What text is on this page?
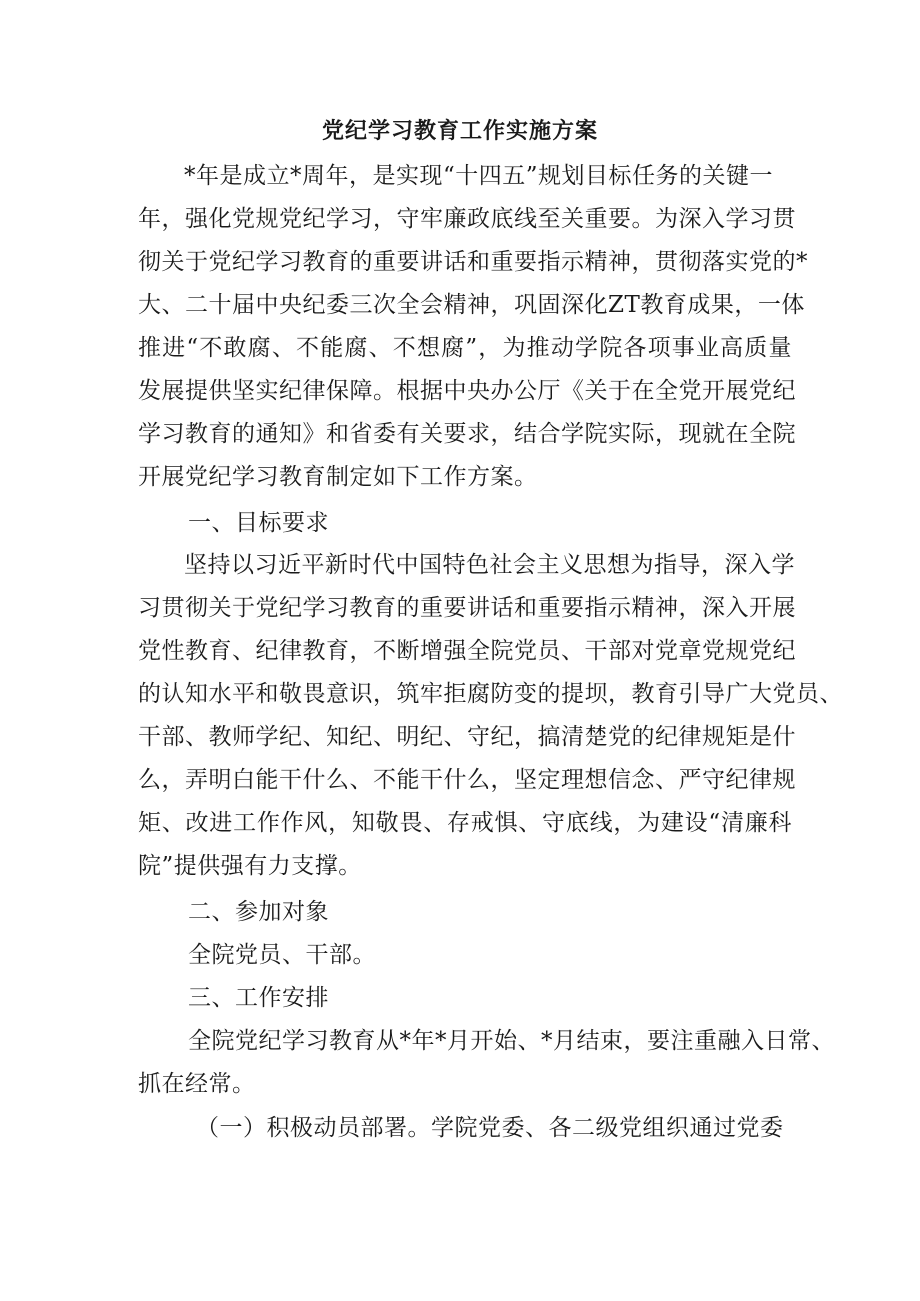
党纪学习教育工作实施方案
*年是成立*周年，是实现“十四五”规划目标任务的关键一
年，强化党规党纪学习，守牢廉政底线至关重要。为深入学习贯
彻关于党纪学习教育的重要讲话和重要指示精神，贯彻落实党的*
大、二十届中央纪委三次全会精神，巩固深化ZT教育成果，一体
推进“不敢腐、不能腐、不想腐”，为推动学院各项事业高质量
发展提供坚实纪律保障。根据中央办公厅《关于在全党开展党纪
学习教育的通知》和省委有关要求，结合学院实际，现就在全院
开展党纪学习教育制定如下工作方案。
一、目标要求
坚持以习近平新时代中国特色社会主义思想为指导，深入学
习贯彻关于党纪学习教育的重要讲话和重要指示精神，深入开展
党性教育、纪律教育，不断增强全院党员、干部对党章党规党纪
的认知水平和敬畏意识，筑牢拒腐防变的提坝，教育引导广大党员、
干部、教师学纪、知纪、明纪、守纪，搞清楚党的纪律规矩是什
么，弄明白能干什么、不能干什么，坚定理想信念、严守纪律规
矩、改进工作作风，知敬畏、存戒惧、守底线，为建设“清廉科
院”提供强有力支撑。
二、参加对象
全院党员、干部。
三、工作安排
全院党纪学习教育从*年*月开始、*月结束，要注重融入日常、
抓在经常。
（一）积极动员部署。学院党委、各二级党组织通过党委
